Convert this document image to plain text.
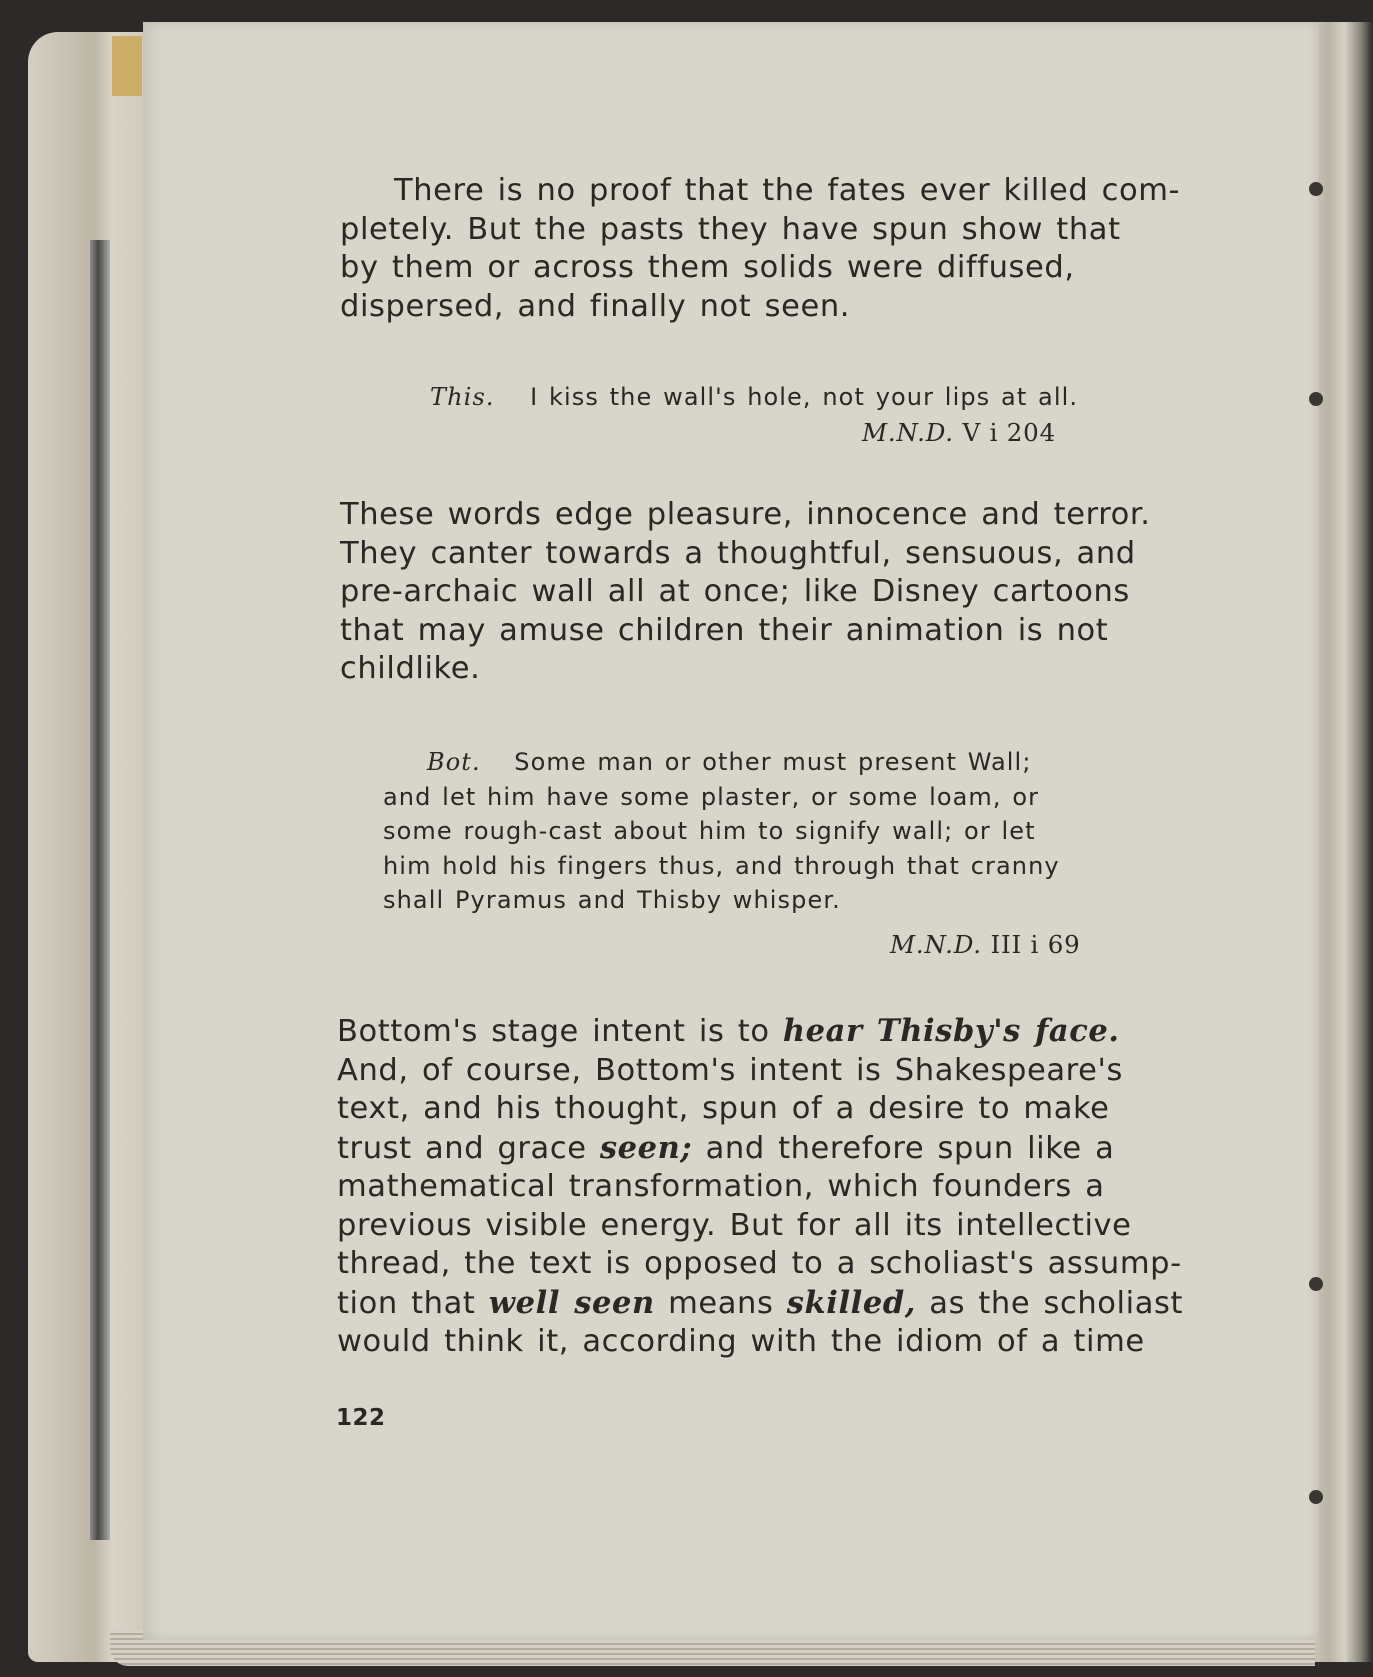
There is no proof that the fates ever killed com-
pletely. But the pasts they have spun show that
by them or across them solids were diffused,
dispersed, and finally not seen.
This. I kiss the wall's hole, not your lips at all.
M.N.D. V i 204
These words edge pleasure, innocence and terror.
They canter towards a thoughtful, sensuous, and
pre-archaic wall all at once; like Disney cartoons
that may amuse children their animation is not
childlike.
Bot. Some man or other must present Wall;
and let him have some plaster, or some loam, or
some rough-cast about him to signify wall; or let
him hold his fingers thus, and through that cranny
shall Pyramus and Thisby whisper.
M.N.D. III i 69
Bottom's stage intent is to hear Thisby's face.
And, of course, Bottom's intent is Shakespeare's
text, and his thought, spun of a desire to make
trust and grace seen; and therefore spun like a
mathematical transformation, which founders a
previous visible energy. But for all its intellective
thread, the text is opposed to a scholiast's assump-
tion that well seen means skilled, as the scholiast
would think it, according with the idiom of a time
122
